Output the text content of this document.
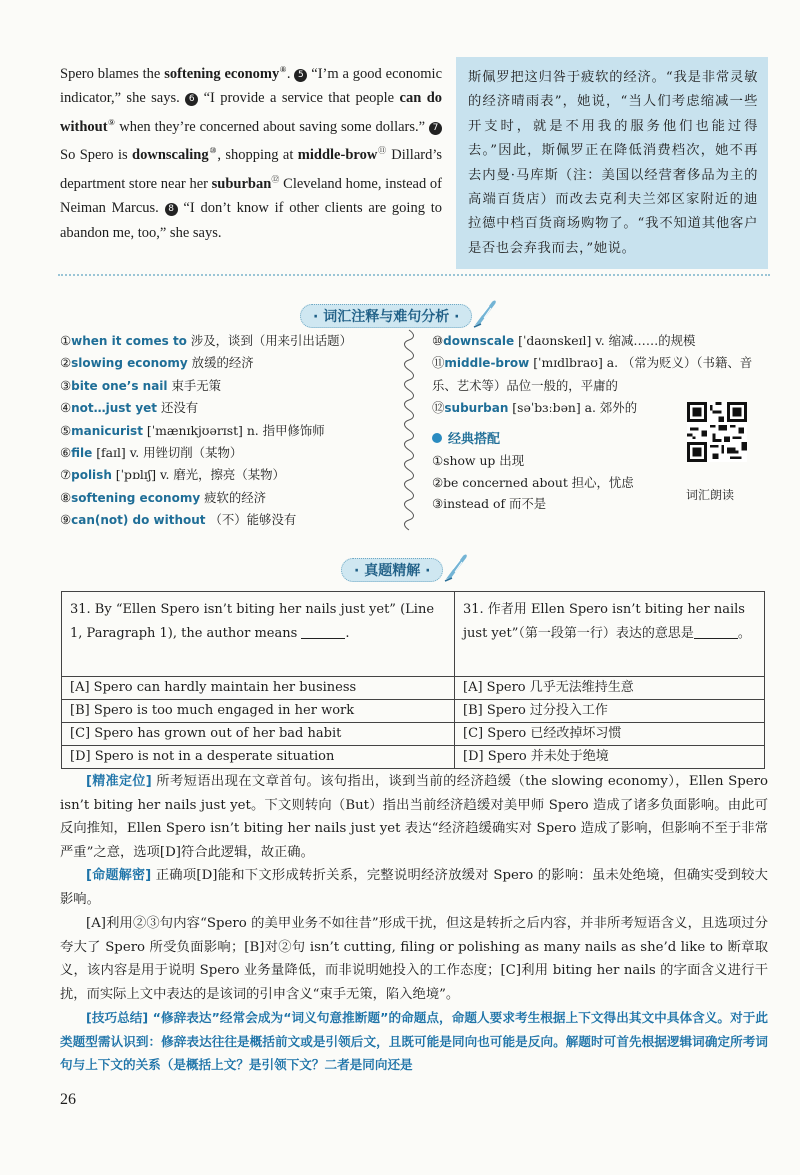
Spero blames the softening economy⑧. 5 “I’m a good economic indicator,” she says. 6 “I provide a service that people can do without⑨ when they’re concerned about saving some dollars.” 7So Spero is downscaling⑩, shopping at middle-brow⑪ Dillard’s department store near her suburban⑫ Cleveland home, instead of Neiman Marcus. 8 “I don’t know if other clients are going to abandon me, too,” she says.
斯佩罗把这归咎于疲软的经济。“我是非常灵敏的经济晴雨表”，她说，“当人们考虑缩减一些开支时，就是不用我的服务他们也能过得去。”因此，斯佩罗正在降低消费档次，她不再去内曼·马库斯（注：美国以经营奢侈品为主的高端百货店）而改去克利夫兰郊区家附近的迪拉德中档百货商场购物了。“我不知道其他客户是否也会弃我而去，”她说。
· 词汇注释与难句分析 ·
①when it comes to 涉及，谈到（用来引出话题）
②slowing economy 放缓的经济
③bite one’s nail 束手无策
④not…just yet 还没有
⑤manicurist [ˈmænɪkjʊərɪst] n. 指甲修饰师
⑥file [faɪl] v. 用锉切削（某物）
⑦polish [ˈpɒlɪʃ] v. 磨光，擦亮（某物）
⑧softening economy 疲软的经济
⑨can(not) do without （不）能够没有
⑩downscale [ˈdaʊnskeɪl] v. 缩减……的规模
⑪middle-brow [ˈmɪdlbraʊ] a. （常为贬义）（书籍、音
乐、艺术等）品位一般的，平庸的
⑫suburban [səˈbɜːbən] a. 郊外的
经典搭配
①show up 出现
②be concerned about 担心，忧虑
③instead of 而不是
词汇朗读
· 真题精解 ·
31. By “Ellen Spero isn’t biting her nails just yet” (Line 1, Paragraph 1), the author means .	31. 作者用 Ellen Spero isn’t biting her nails just yet”（第一段第一行）表达的意思是 。
[A] Spero can hardly maintain her business	[A] Spero 几乎无法维持生意
[B] Spero is too much engaged in her work	[B] Spero 过分投入工作
[C] Spero has grown out of her bad habit	[C] Spero 已经改掉坏习惯
[D] Spero is not in a desperate situation	[D] Spero 并未处于绝境
[精准定位] 所考短语出现在文章首句。该句指出，谈到当前的经济趋缓（the slowing economy），Ellen Spero isn’t biting her nails just yet。下文则转向（But）指出当前经济趋缓对美甲师 Spero 造成了诸多负面影响。由此可反向推知，Ellen Spero isn’t biting her nails just yet 表达“经济趋缓确实对 Spero 造成了影响，但影响不至于非常严重”之意，选项[D]符合此逻辑，故正确。
[命题解密] 正确项[D]能和下文形成转折关系，完整说明经济放缓对 Spero 的影响：虽未处绝境，但确实受到较大影响。
[A]利用②③句内容“Spero 的美甲业务不如往昔”形成干扰，但这是转折之后内容，并非所考短语含义，且选项过分夸大了 Spero 所受负面影响；[B]对②句 isn’t cutting, filing or polishing as many nails as she’d like to 断章取义，该内容是用于说明 Spero 业务量降低，而非说明她投入的工作态度；[C]利用 biting her nails 的字面含义进行干扰，而实际上文中表达的是该词的引申含义“束手无策，陷入绝境”。
[技巧总结] “修辞表达”经常会成为“词义句意推断题”的命题点，命题人要求考生根据上下文得出其文中具体含义。对于此类题型需认识到：修辞表达往往是概括前文或是引领后文，且既可能是同向也可能是反向。解题时可首先根据逻辑词确定所考词句与上下文的关系（是概括上文？是引领下文？二者是同向还是
26
